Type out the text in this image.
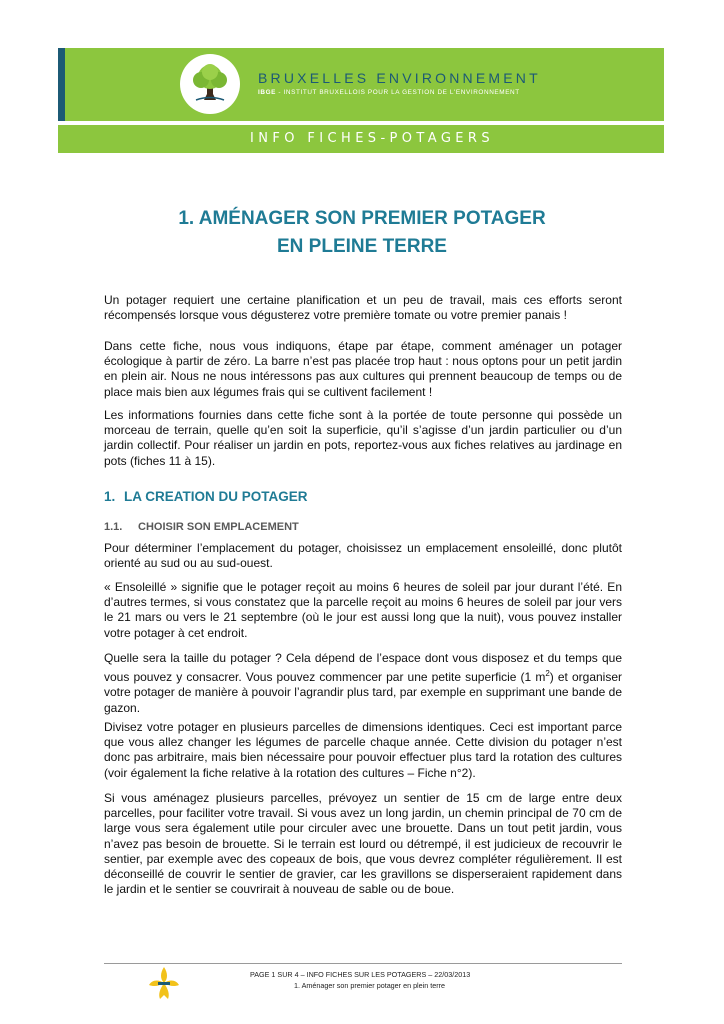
BRUXELLES ENVIRONNEMENT
IBGE - INSTITUT BRUXELLOIS POUR LA GESTION DE L'ENVIRONNEMENT
INFO FICHES-POTAGERS
1. AMÉNAGER SON PREMIER POTAGER
EN PLEINE TERRE

Un potager requiert une certaine planification et un peu de travail, mais ces efforts seront récompensés lorsque vous dégusterez votre première tomate ou votre premier panais !

Dans cette fiche, nous vous indiquons, étape par étape, comment aménager un potager écologique à partir de zéro. La barre n’est pas placée trop haut : nous optons pour un petit jardin en plein air. Nous ne nous intéressons pas aux cultures qui prennent beaucoup de temps ou de place mais bien aux légumes frais qui se cultivent facilement !

Les informations fournies dans cette fiche sont à la portée de toute personne qui possède un morceau de terrain, quelle qu’en soit la superficie, qu’il s’agisse d’un jardin particulier ou d’un jardin collectif. Pour réaliser un jardin en pots, reportez-vous aux fiches relatives au jardinage en pots (fiches 11 à 15).

1. LA CREATION DU POTAGER
1.1. CHOISIR SON EMPLACEMENT

Pour déterminer l’emplacement du potager, choisissez un emplacement ensoleillé, donc plutôt orienté au sud ou au sud-ouest.

« Ensoleillé » signifie que le potager reçoit au moins 6 heures de soleil par jour durant l’été. En d’autres termes, si vous constatez que la parcelle reçoit au moins 6 heures de soleil par jour vers le 21 mars ou vers le 21 septembre (où le jour est aussi long que la nuit), vous pouvez installer votre potager à cet endroit.

Quelle sera la taille du potager ? Cela dépend de l’espace dont vous disposez et du temps que vous pouvez y consacrer. Vous pouvez commencer par une petite superficie (1 $m^2$) et organiser votre potager de manière à pouvoir l’agrandir plus tard, par exemple en supprimant une bande de gazon.

Divisez votre potager en plusieurs parcelles de dimensions identiques. Ceci est important parce que vous allez changer les légumes de parcelle chaque année. Cette division du potager n’est donc pas arbitraire, mais bien nécessaire pour pouvoir effectuer plus tard la rotation des cultures (voir également la fiche relative à la rotation des cultures – Fiche n°2).

Si vous aménagez plusieurs parcelles, prévoyez un sentier de 15 cm de large entre deux parcelles, pour faciliter votre travail. Si vous avez un long jardin, un chemin principal de 70 cm de large vous sera également utile pour circuler avec une brouette. Dans un tout petit jardin, vous n’avez pas besoin de brouette. Si le terrain est lourd ou détrempé, il est judicieux de recouvrir le sentier, par exemple avec des copeaux de bois, que vous devrez compléter régulièrement. Il est déconseillé de couvrir le sentier de gravier, car les gravillons se disperseraient rapidement dans le jardin et le sentier se couvrirait à nouveau de sable ou de boue.

PAGE 1 SUR 4 – INFO FICHES SUR LES POTAGERS – 22/03/2013
1. Aménager son premier potager en plein terre
